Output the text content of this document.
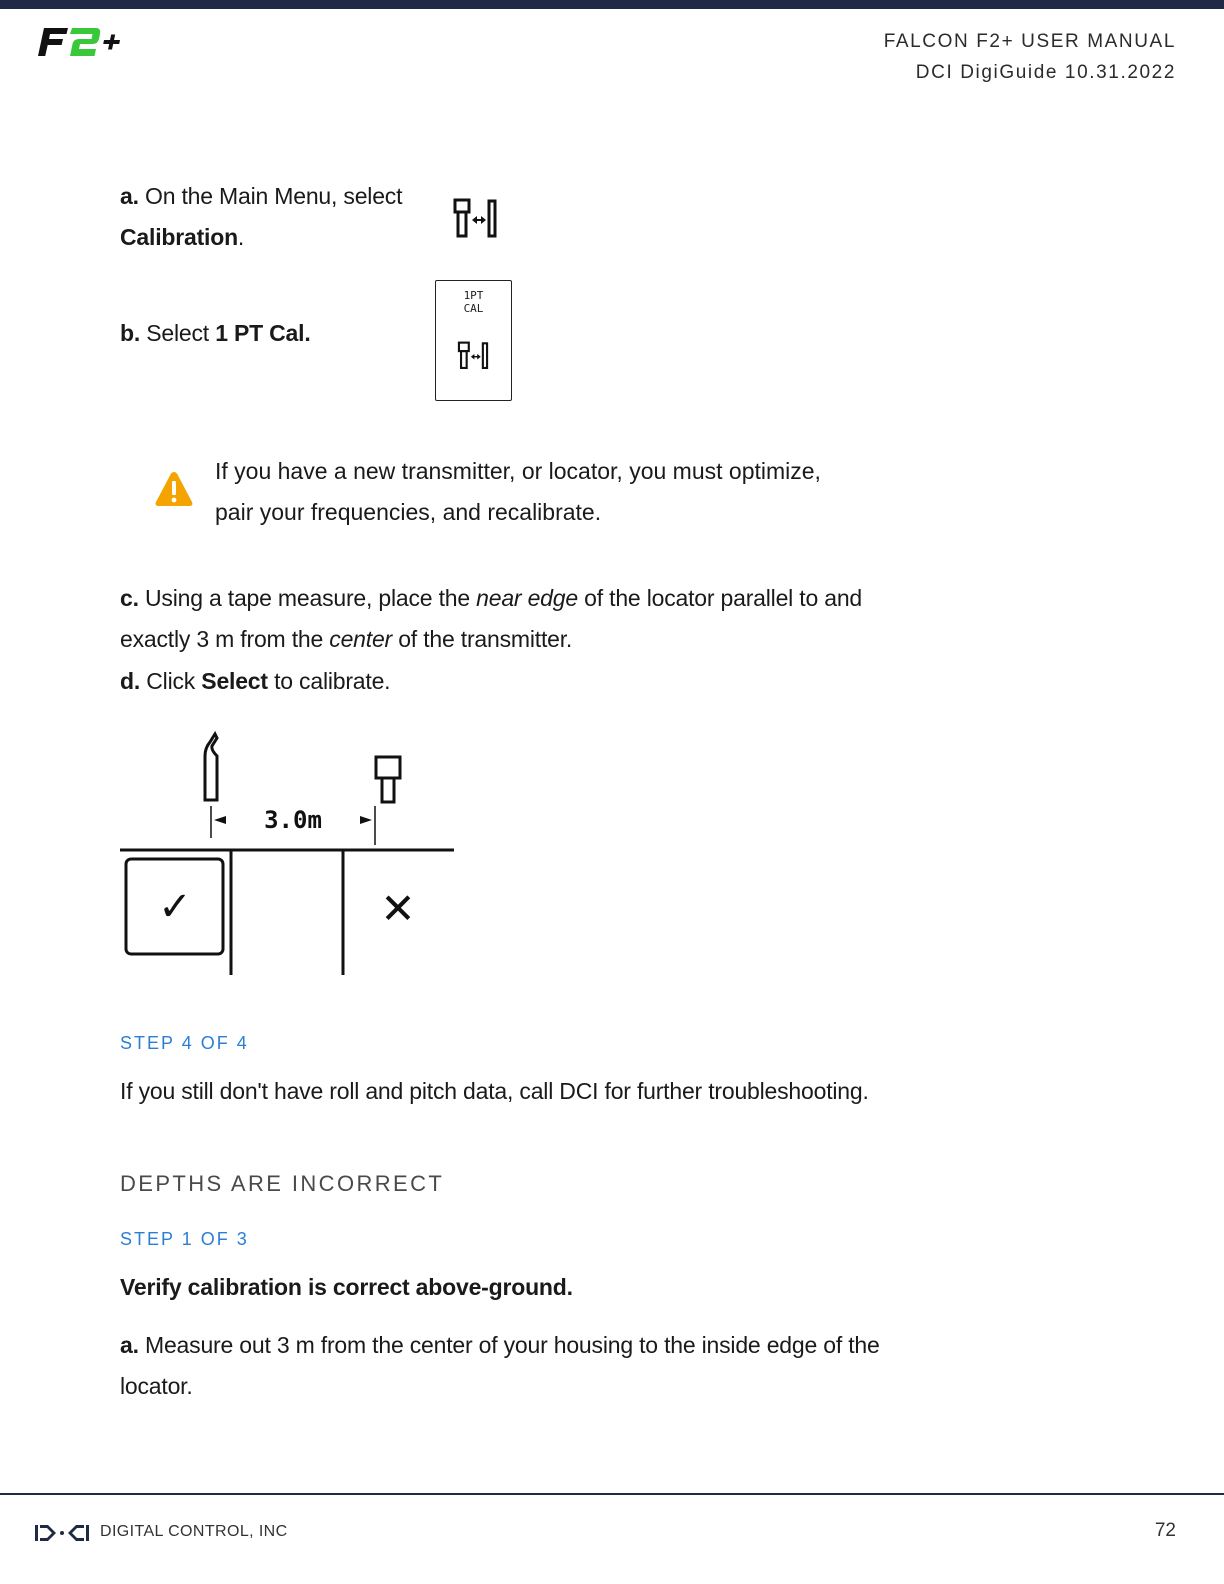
FALCON F2+ USER MANUAL
DCI DigiGuide 10.31.2022
a. On the Main Menu, select
Calibration.
b. Select 1 PT Cal.
1PT
CAL
If you have a new transmitter, or locator, you must optimize,
pair your frequencies, and recalibrate.
c. Using a tape measure, place the near edge of the locator parallel to and
exactly 3 m from the center of the transmitter.
d. Click Select to calibrate.
3.0m
✓	✕
STEP 4 OF 4
If you still don't have roll and pitch data, call DCI for further troubleshooting.
DEPTHS ARE INCORRECT
STEP 1 OF 3
Verify calibration is correct above-ground.
a. Measure out 3 m from the center of your housing to the inside edge of the
locator.
DIGITAL CONTROL, INC	72
